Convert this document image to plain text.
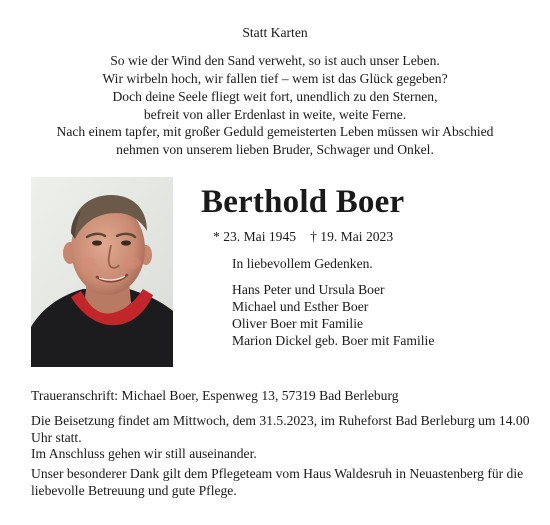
Statt Karten
So wie der Wind den Sand verweht, so ist auch unser Leben.
Wir wirbeln hoch, wir fallen tief – wem ist das Glück gegeben?
Doch deine Seele fliegt weit fort, unendlich zu den Sternen,
befreit von aller Erdenlast in weite, weite Ferne.
Nach einem tapfer, mit großer Geduld gemeisterten Leben müssen wir Abschied
nehmen von unserem lieben Bruder, Schwager und Onkel.
Berthold Boer
* 23. Mai 1945 † 19. Mai 2023
In liebevollem Gedenken.
Hans Peter und Ursula Boer
Michael und Esther Boer
Oliver Boer mit Familie
Marion Dickel geb. Boer mit Familie
Traueranschrift: Michael Boer, Espenweg 13, 57319 Bad Berleburg
Die Beisetzung findet am Mittwoch, dem 31.5.2023, im Ruheforst Bad Berleburg um 14.00 Uhr statt.
Im Anschluss gehen wir still auseinander.
Unser besonderer Dank gilt dem Pflegeteam vom Haus Waldesruh in Neuastenberg für die liebevolle Betreuung und gute Pflege.
